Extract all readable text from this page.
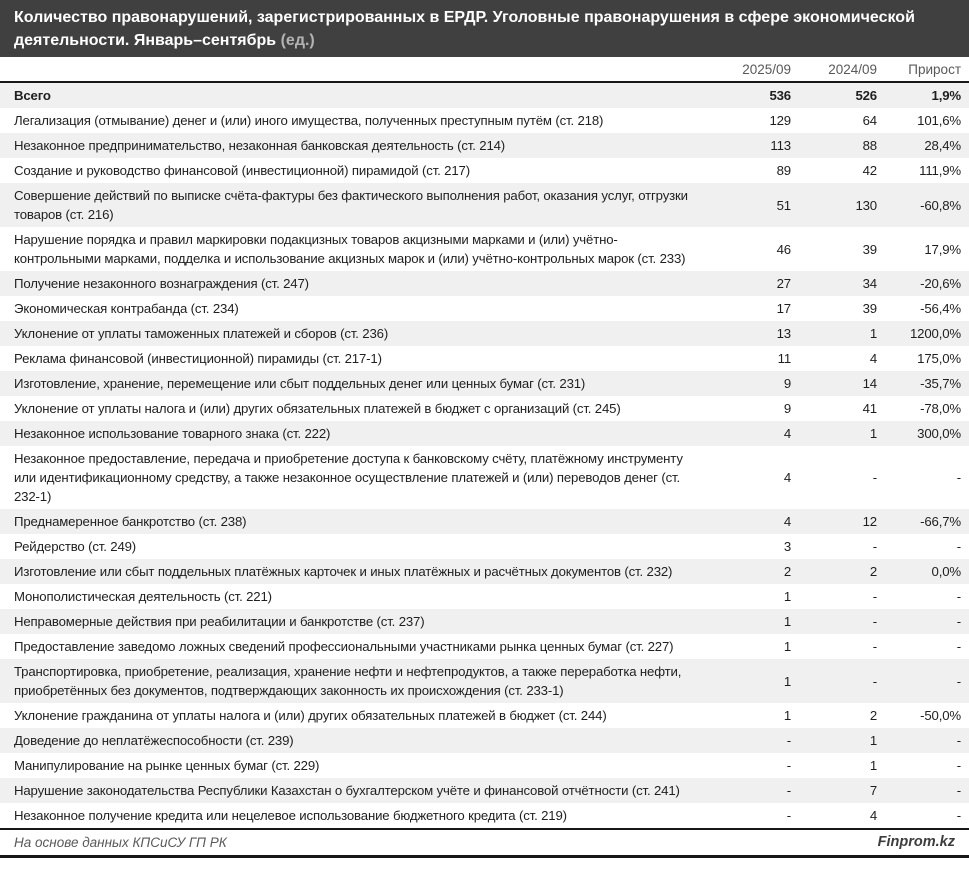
Количество правонарушений, зарегистрированных в ЕРДР. Уголовные правонарушения в сфере экономической деятельности. Январь–сентябрь (ед.)
	2025/09	2024/09	Прирост
Всего	536	526	1,9%
Легализация (отмывание) денег и (или) иного имущества, полученных преступным путём (ст. 218)	129	64	101,6%
Незаконное предпринимательство, незаконная банковская деятельность (ст. 214)	113	88	28,4%
Создание и руководство финансовой (инвестиционной) пирамидой (ст. 217)	89	42	111,9%
Совершение действий по выписке счёта-фактуры без фактического выполнения работ, оказания услуг, отгрузки товаров (ст. 216)	51	130	-60,8%
Нарушение порядка и правил маркировки подакцизных товаров акцизными марками и (или) учётно-контрольными марками, подделка и использование акцизных марок и (или) учётно-контрольных марок (ст. 233)	46	39	17,9%
Получение незаконного вознаграждения (ст. 247)	27	34	-20,6%
Экономическая контрабанда (ст. 234)	17	39	-56,4%
Уклонение от уплаты таможенных платежей и сборов (ст. 236)	13	1	1200,0%
Реклама финансовой (инвестиционной) пирамиды (ст. 217-1)	11	4	175,0%
Изготовление, хранение, перемещение или сбыт поддельных денег или ценных бумаг (ст. 231)	9	14	-35,7%
Уклонение от уплаты налога и (или) других обязательных платежей в бюджет с организаций (ст. 245)	9	41	-78,0%
Незаконное использование товарного знака (ст. 222)	4	1	300,0%
Незаконное предоставление, передача и приобретение доступа к банковскому счёту, платёжному инструменту или идентификационному средству, а также незаконное осуществление платежей и (или) переводов денег (ст. 232-1)	4	-	-
Преднамеренное банкротство (ст. 238)	4	12	-66,7%
Рейдерство (ст. 249)	3	-	-
Изготовление или сбыт поддельных платёжных карточек и иных платёжных и расчётных документов (ст. 232)	2	2	0,0%
Монополистическая деятельность (ст. 221)	1	-	-
Неправомерные действия при реабилитации и банкротстве (ст. 237)	1	-	-
Предоставление заведомо ложных сведений профессиональными участниками рынка ценных бумаг (ст. 227)	1	-	-
Транспортировка, приобретение, реализация, хранение нефти и нефтепродуктов, а также переработка нефти, приобретённых без документов, подтверждающих законность их происхождения (ст. 233-1)	1	-	-
Уклонение гражданина от уплаты налога и (или) других обязательных платежей в бюджет (ст. 244)	1	2	-50,0%
Доведение до неплатёжеспособности (ст. 239)	-	1	-
Манипулирование на рынке ценных бумаг (ст. 229)	-	1	-
Нарушение законодательства Республики Казахстан о бухгалтерском учёте и финансовой отчётности (ст. 241)	-	7	-
Незаконное получение кредита или нецелевое использование бюджетного кредита (ст. 219)	-	4	-
На основе данных КПСиСУ ГП РК	Finprom.kz
